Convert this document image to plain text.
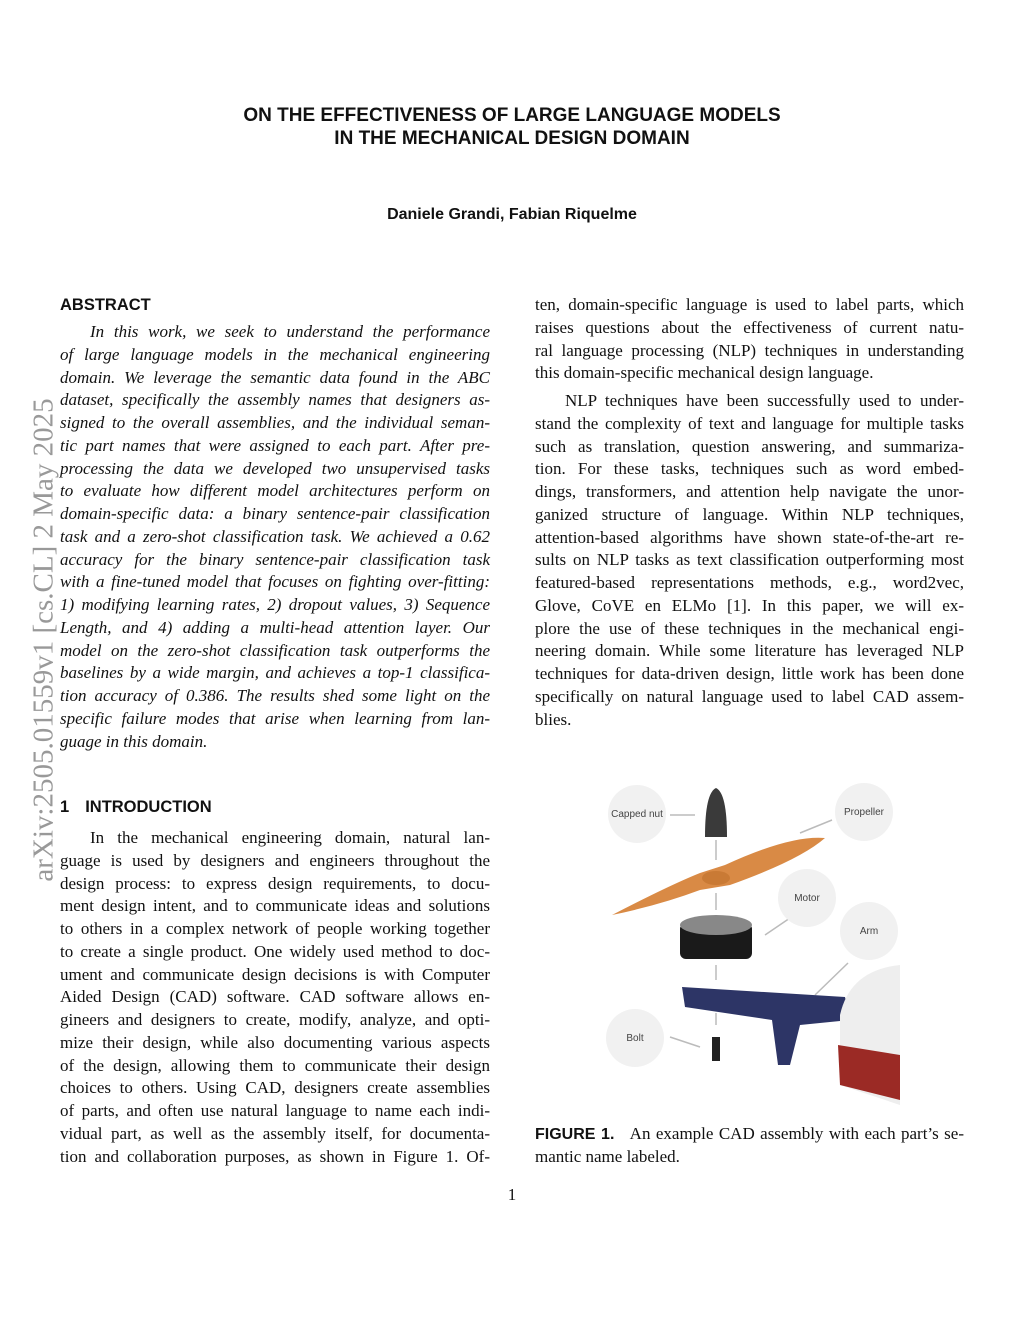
arXiv:2505.01559v1 [cs.CL] 2 May 2025
ON THE EFFECTIVENESS OF LARGE LANGUAGE MODELS
IN THE MECHANICAL DESIGN DOMAIN
Daniele Grandi, Fabian Riquelme
ABSTRACT
In this work, we seek to understand the performance
of large language models in the mechanical engineering
domain. We leverage the semantic data found in the ABC
dataset, specifically the assembly names that designers as-
signed to the overall assemblies, and the individual seman-
tic part names that were assigned to each part. After pre-
processing the data we developed two unsupervised tasks
to evaluate how different model architectures perform on
domain-specific data: a binary sentence-pair classification
task and a zero-shot classification task. We achieved a 0.62
accuracy for the binary sentence-pair classification task
with a fine-tuned model that focuses on fighting over-fitting:
1) modifying learning rates, 2) dropout values, 3) Sequence
Length, and 4) adding a multi-head attention layer. Our
model on the zero-shot classification task outperforms the
baselines by a wide margin, and achieves a top-1 classifica-
tion accuracy of 0.386. The results shed some light on the
specific failure modes that arise when learning from lan-
guage in this domain.
1 INTRODUCTION
In the mechanical engineering domain, natural lan-
guage is used by designers and engineers throughout the
design process: to express design requirements, to docu-
ment design intent, and to communicate ideas and solutions
to others in a complex network of people working together
to create a single product. One widely used method to doc-
ument and communicate design decisions is with Computer
Aided Design (CAD) software. CAD software allows en-
gineers and designers to create, modify, analyze, and opti-
mize their design, while also documenting various aspects
of the design, allowing them to communicate their design
choices to others. Using CAD, designers create assemblies
of parts, and often use natural language to name each indi-
vidual part, as well as the assembly itself, for documenta-
tion and collaboration purposes, as shown in Figure 1. Of-
ten, domain-specific language is used to label parts, which
raises questions about the effectiveness of current natu-
ral language processing (NLP) techniques in understanding
this domain-specific mechanical design language.
NLP techniques have been successfully used to under-
stand the complexity of text and language for multiple tasks
such as translation, question answering, and summariza-
tion. For these tasks, techniques such as word embed-
dings, transformers, and attention help navigate the unor-
ganized structure of language. Within NLP techniques,
attention-based algorithms have shown state-of-the-art re-
sults on NLP tasks as text classification outperforming most
featured-based representations methods, e.g., word2vec,
Glove, CoVE en ELMo [1]. In this paper, we will ex-
plore the use of these techniques in the mechanical engi-
neering domain. While some literature has leveraged NLP
techniques for data-driven design, little work has been done
specifically on natural language used to label CAD assem-
blies.
Capped nut	Propeller
Motor
Arm
Bolt
FIGURE 1. An example CAD assembly with each part’s se-
mantic name labeled.
1
